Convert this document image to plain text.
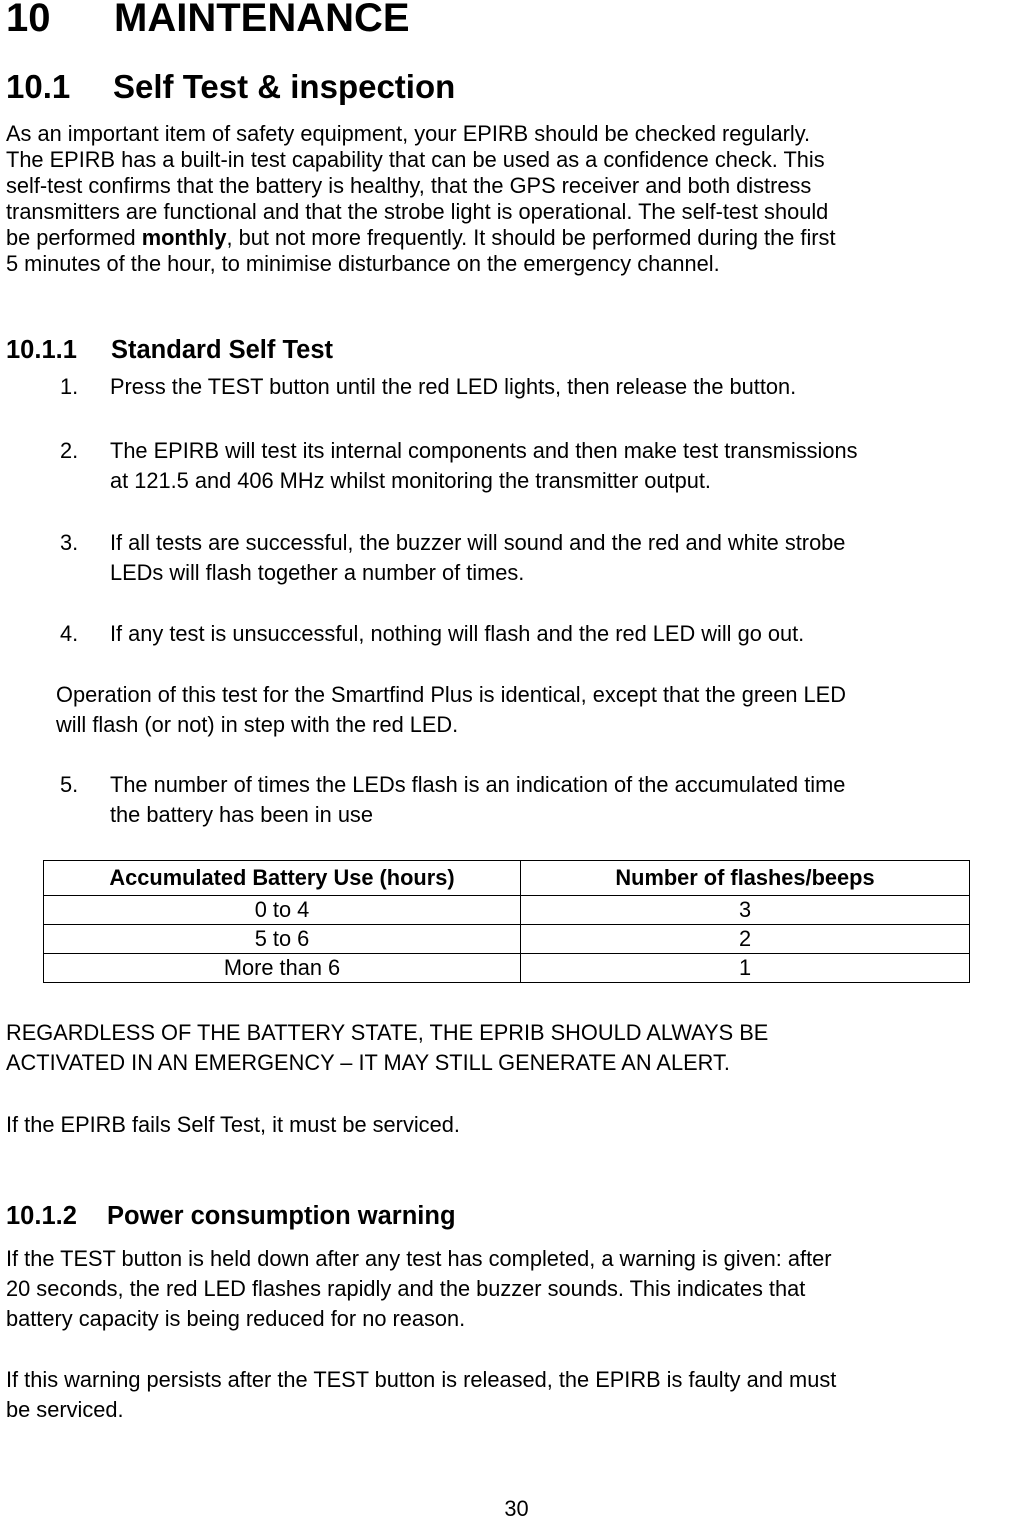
10 MAINTENANCE
10.1 Self Test & inspection
As an important item of safety equipment, your EPIRB should be checked regularly.
The EPIRB has a built-in test capability that can be used as a confidence check. This
self-test confirms that the battery is healthy, that the GPS receiver and both distress
transmitters are functional and that the strobe light is operational. The self-test should
be performed monthly, but not more frequently. It should be performed during the first
5 minutes of the hour, to minimise disturbance on the emergency channel.
10.1.1 Standard Self Test
1. Press the TEST button until the red LED lights, then release the button.
2. The EPIRB will test its internal components and then make test transmissions
at 121.5 and 406 MHz whilst monitoring the transmitter output.
3. If all tests are successful, the buzzer will sound and the red and white strobe
LEDs will flash together a number of times.
4. If any test is unsuccessful, nothing will flash and the red LED will go out.
Operation of this test for the Smartfind Plus is identical, except that the green LED
will flash (or not) in step with the red LED.
5. The number of times the LEDs flash is an indication of the accumulated time
the battery has been in use
Accumulated Battery Use (hours)	Number of flashes/beeps
0 to 4	3
5 to 6	2
More than 6	1
REGARDLESS OF THE BATTERY STATE, THE EPRIB SHOULD ALWAYS BE
ACTIVATED IN AN EMERGENCY – IT MAY STILL GENERATE AN ALERT.
If the EPIRB fails Self Test, it must be serviced.
10.1.2 Power consumption warning
If the TEST button is held down after any test has completed, a warning is given: after
20 seconds, the red LED flashes rapidly and the buzzer sounds. This indicates that
battery capacity is being reduced for no reason.
If this warning persists after the TEST button is released, the EPIRB is faulty and must
be serviced.
30
